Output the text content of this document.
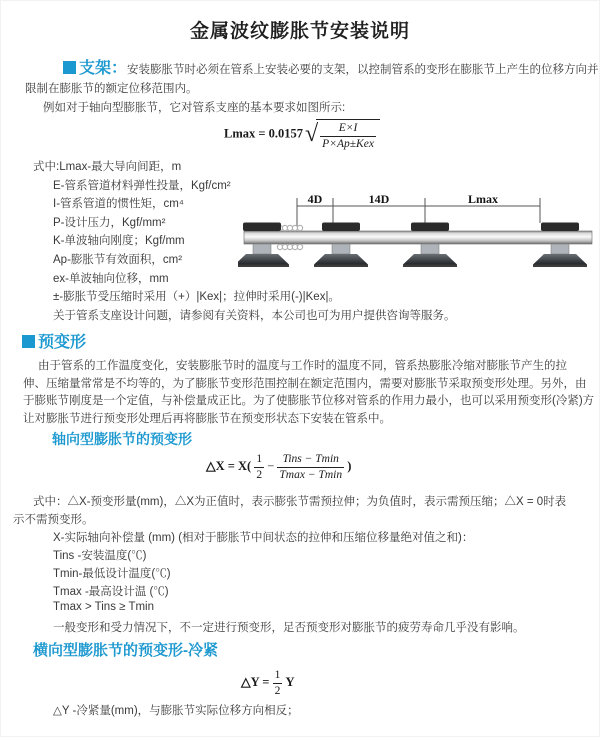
金属波纹膨胀节安装说明
支架：安装膨胀节时必须在管系上安装必要的支架，以控制管系的变形在膨胀节上产生的位移方向并
限制在膨胀节的额定位移范围内。
例如对于轴向型膨胀节，它对管系支座的基本要求如图所示:
$Lmax = 0.0157√ \frac{E\times I}{\text{P×Ap±Kex}}$
式中:Lmax-最大导向间距，m
E-管系管道材料弹性投量，Kgf/cm²
I-管系管道的惯性矩，cm⁴
P-设计压力，Kgf/mm²
K-单波轴向刚度；Kgf/mm
Ap-膨胀节有效面积，cm²
ex-单波轴向位移，mm
±-膨胀节受压缩时采用（+）|Kex|；拉伸时采用(-)|Kex|。
关于管系支座设计问题，请参阅有关资料，本公司也可为用户提供咨询等服务。
4D	14D	Lmax
预变形
由于管系的工作温度变化，安装膨胀节时的温度与工作时的温度不同，管系热膨胀冷缩对膨胀节产生的拉
伸、压缩量常常是不均等的，为了膨胀节变形范围控制在额定范围内，需要对膨胀节采取预变形处理。另外，由
于膨账节刚度是一个定值，与补偿量成正比。为了使膨胀节位移对管系的作用力最小，也可以采用预变形(冷紧)方
让对膨胀节进行预变形处理后再将膨胀节在预变形状态下安装在管系中。
轴向型膨胀节的预变形
△X = $X( \frac{1}{2} - \frac{\text{Tins − Tmin}}{Tmax - Tmin}$ )
式中：△X-预变形量(mm)，△X为正值时，表示膨张节需预拉伸；为负值时，表示需预压缩；△X = 0时表
示不需预变形。
X-实际轴向补偿量 (mm) (相对于膨胀节中间状态的拉伸和压缩位移量绝对值之和)：
Tins -安装温度(℃)
Tmin-最低设计温度(℃)
Tmax -最高设计温 (℃)
Tmax > Tins ≥ Tmin
一般变形和受力情况下，不一定进行预变形，足否预变形对膨胀节的疲劳寿命几乎没有影响。
横向型膨胀节的预变形-冷紧
△Y = $\frac{1}{2}$ Y
△Y -冷紧量(mm)，与膨胀节实际位移方向相反；
